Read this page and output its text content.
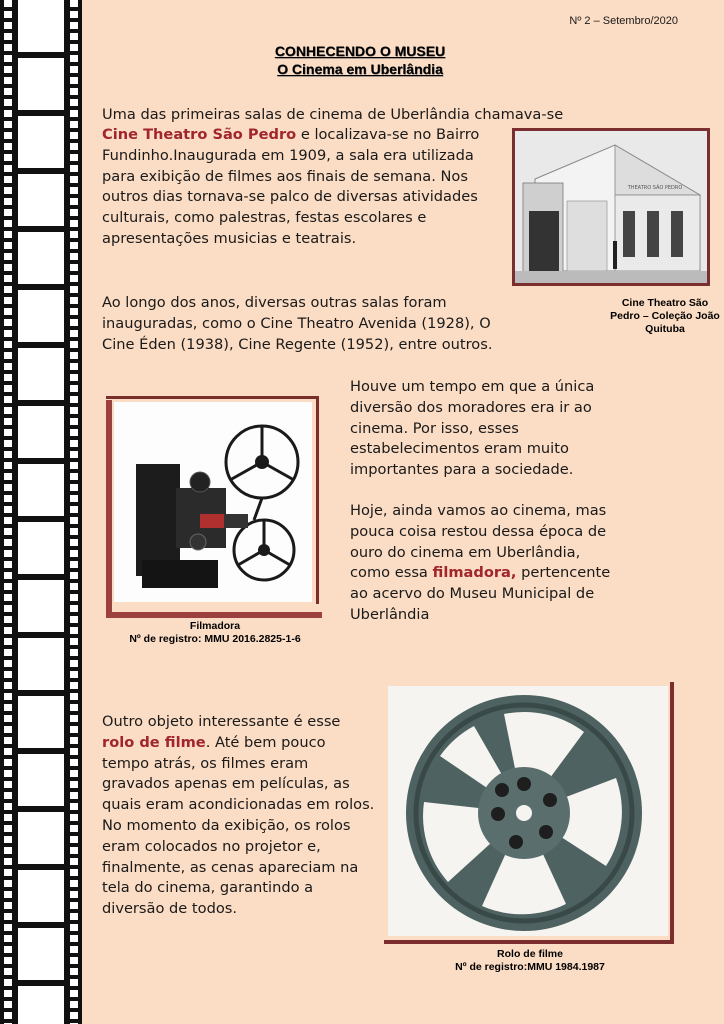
Nº 2 – Setembro/2020
CONHECENDO O MUSEU
O Cinema em Uberlândia
Uma das primeiras salas de cinema de Uberlândia chamava-se
Cine Theatro São Pedro e localizava-se no Bairro Fundinho.Inaugurada em 1909, a sala era utilizada para exibição de filmes aos finais de semana. Nos outros dias tornava-se palco de diversas atividades culturais, como palestras, festas escolares e apresentações musicias e teatrais.
THEATRO SÃO PEDRO
Cine Theatro São Pedro – Coleção João Quituba
Ao longo dos anos, diversas outras salas foram inauguradas, como o Cine Theatro Avenida (1928), O Cine Éden (1938), Cine Regente (1952), entre outros.
Filmadora
Nº de registro: MMU 2016.2825-1-6
Houve um tempo em que a única diversão dos moradores era ir ao cinema. Por isso, esses estabelecimentos eram muito importantes para a sociedade.
Hoje, ainda vamos ao cinema, mas pouca coisa restou dessa época de ouro do cinema em Uberlândia, como essa filmadora, pertencente ao acervo do Museu Municipal de Uberlândia
Outro objeto interessante é esse rolo de filme. Até bem pouco tempo atrás, os filmes eram gravados apenas em películas, as quais eram acondicionadas em rolos. No momento da exibição, os rolos eram colocados no projetor e, finalmente, as cenas apareciam na tela do cinema, garantindo a diversão de todos.
Rolo de filme
Nº de registro:MMU 1984.1987
